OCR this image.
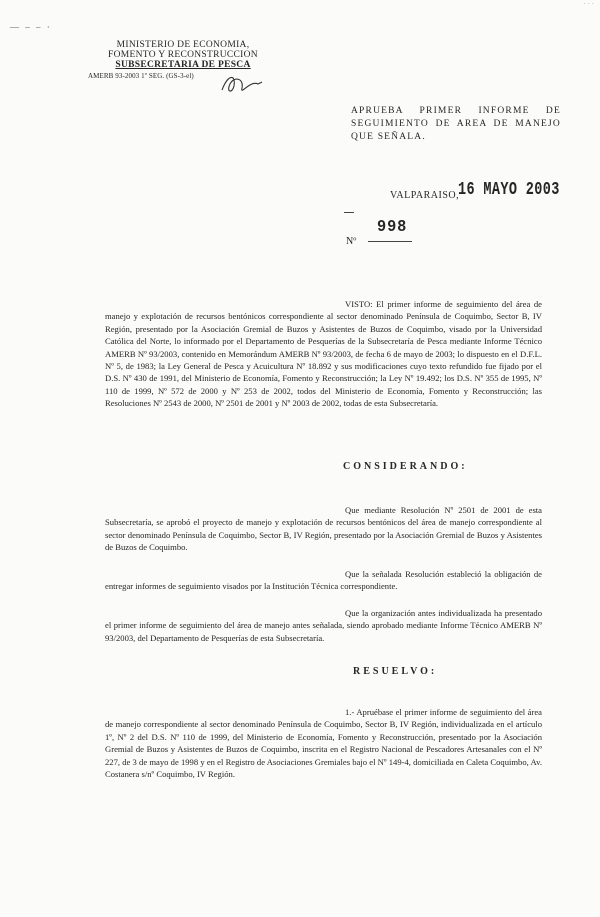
— – – ·
MINISTERIO DE ECONOMIA,
FOMENTO Y RECONSTRUCCION
SUBSECRETARIA DE PESCA
AMERB 93-2003 1º SEG. (GS-3-el)
APRUEBA PRIMER INFORME DE SEGUIMIENTO DE AREA DE MANEJO QUE SEÑALA.
VALPARAISO,
16 MAYO 2003
Nº
998

VISTO: El primer informe de seguimiento del área de manejo y explotación de recursos bentónicos correspondiente al sector denominado Península de Coquimbo, Sector B, IV Región, presentado por la Asociación Gremial de Buzos y Asistentes de Buzos de Coquimbo, visado por la Universidad Católica del Norte, lo informado por el Departamento de Pesquerías de la Subsecretaría de Pesca mediante Informe Técnico AMERB Nº 93/2003, contenido en Memorándum AMERB Nº 93/2003, de fecha 6 de mayo de 2003; lo dispuesto en el D.F.L. Nº 5, de 1983; la Ley General de Pesca y Acuicultura Nº 18.892 y sus modificaciones cuyo texto refundido fue fijado por el D.S. Nº 430 de 1991, del Ministerio de Economía, Fomento y Reconstrucción; la Ley Nº 19.492; los D.S. Nº 355 de 1995, Nº 110 de 1999, Nº 572 de 2000 y Nº 253 de 2002, todos del Ministerio de Economía, Fomento y Reconstrucción; las Resoluciones Nº 2543 de 2000, Nº 2501 de 2001 y Nº 2003 de 2002, todas de esta Subsecretaría.

CONSIDERANDO:

Que mediante Resolución Nº 2501 de 2001 de esta Subsecretaría, se aprobó el proyecto de manejo y explotación de recursos bentónicos del área de manejo correspondiente al sector denominado Península de Coquimbo, Sector B, IV Región, presentado por la Asociación Gremial de Buzos y Asistentes de Buzos de Coquimbo.

Que la señalada Resolución estableció la obligación de entregar informes de seguimiento visados por la Institución Técnica correspondiente.

Que la organización antes individualizada ha presentado el primer informe de seguimiento del área de manejo antes señalada, siendo aprobado mediante Informe Técnico AMERB Nº 93/2003, del Departamento de Pesquerías de esta Subsecretaría.

RESUELVO:

1.- Apruébase el primer informe de seguimiento del área de manejo correspondiente al sector denominado Península de Coquimbo, Sector B, IV Región, individualizada en el artículo 1º, Nº 2 del D.S. Nº 110 de 1999, del Ministerio de Economía, Fomento y Reconstrucción, presentado por la Asociación Gremial de Buzos y Asistentes de Buzos de Coquimbo, inscrita en el Registro Nacional de Pescadores Artesanales con el Nº 227, de 3 de mayo de 1998 y en el Registro de Asociaciones Gremiales bajo el Nº 149-4, domiciliada en Caleta Coquimbo, Av. Costanera s/nº Coquimbo, IV Región.

· · ·
